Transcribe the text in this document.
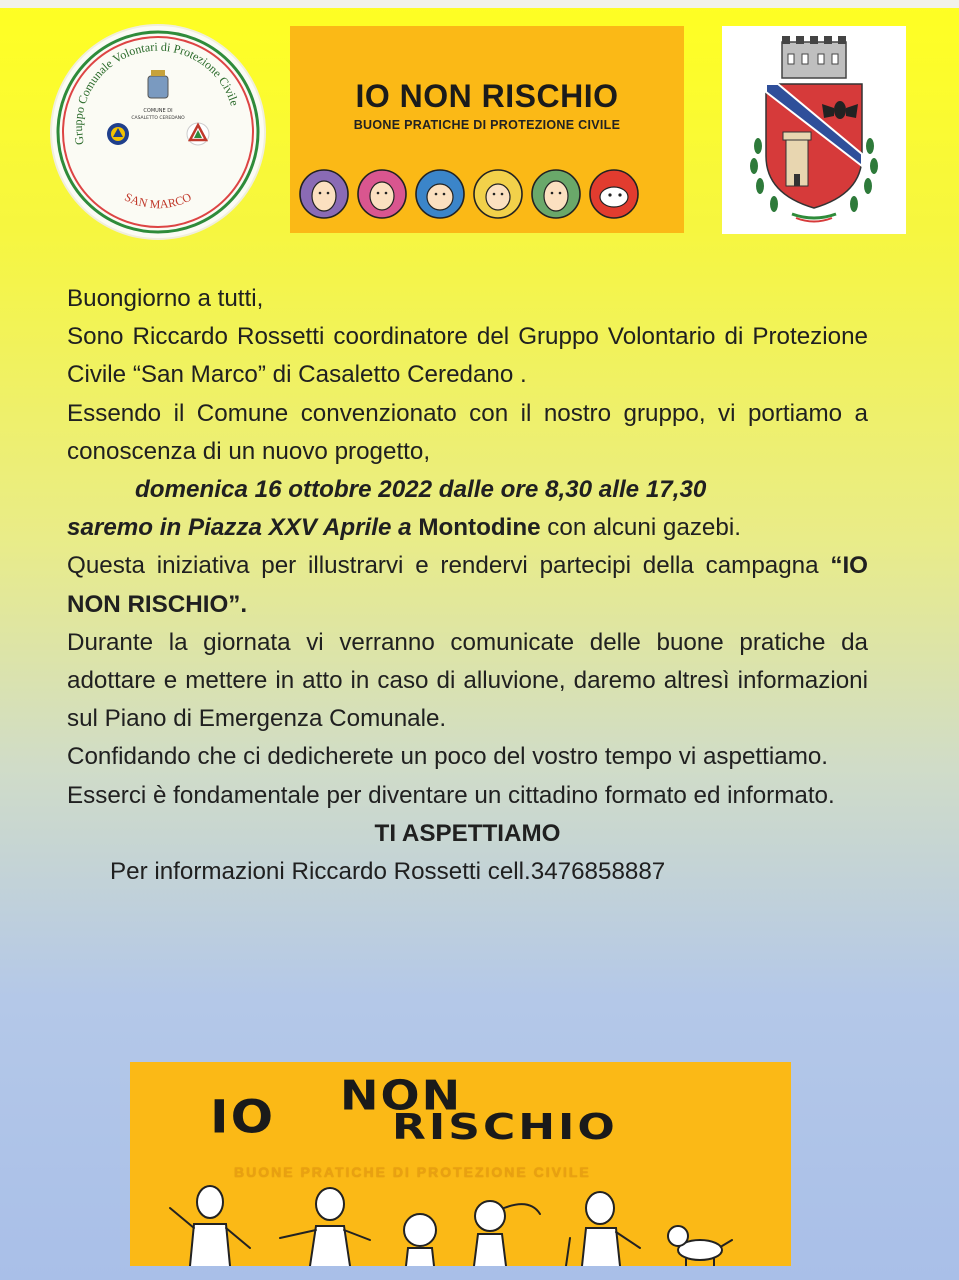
Gruppo Comunale Volontari di Protezione Civile
SAN MARCO
COMUNE DI
CASALETTO CEREDANO
IO NON RISCHIO
BUONE PRATICHE DI PROTEZIONE CIVILE

Buongiorno a tutti,

Sono Riccardo Rossetti coordinatore del Gruppo Volontario di Protezione Civile “San Marco” di Casaletto Ceredano .

Essendo il Comune convenzionato con il nostro gruppo, vi portiamo a conoscenza di un nuovo progetto,

domenica 16 ottobre 2022 dalle ore 8,30 alle 17,30

saremo in Piazza XXV Aprile a Montodine con alcuni gazebi.

Questa iniziativa per illustrarvi e rendervi partecipi della campagna “IO NON RISCHIO”.

Durante la giornata vi verranno comunicate delle buone pratiche da adottare e mettere in atto in caso di alluvione, daremo altresì informazioni sul Piano di Emergenza Comunale.

Confidando che ci dedicherete un poco del vostro tempo vi aspettiamo.

Esserci è fondamentale per diventare un cittadino formato ed informato.

TI ASPETTIAMO

Per informazioni Riccardo Rossetti cell.3476858887

IO NON
RISCHIO
BUONE PRATICHE DI PROTEZIONE CIVILE
